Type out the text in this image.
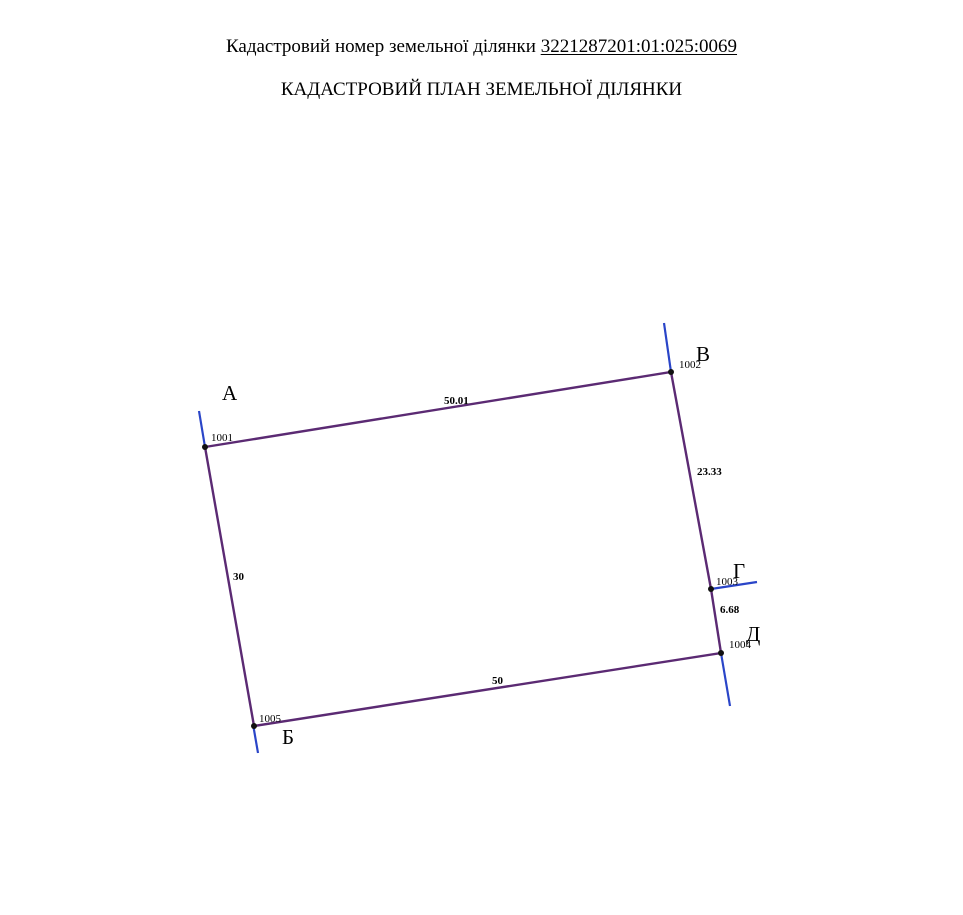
Кадастровий номер земельної ділянки 3221287201:01:025:0069
КАДАСТРОВИЙ ПЛАН ЗЕМЕЛЬНОЇ ДІЛЯНКИ
А
В
Г
Д
Б
1001
1002
1003
1004
1005
50.01
23.33
6.68
50
30
